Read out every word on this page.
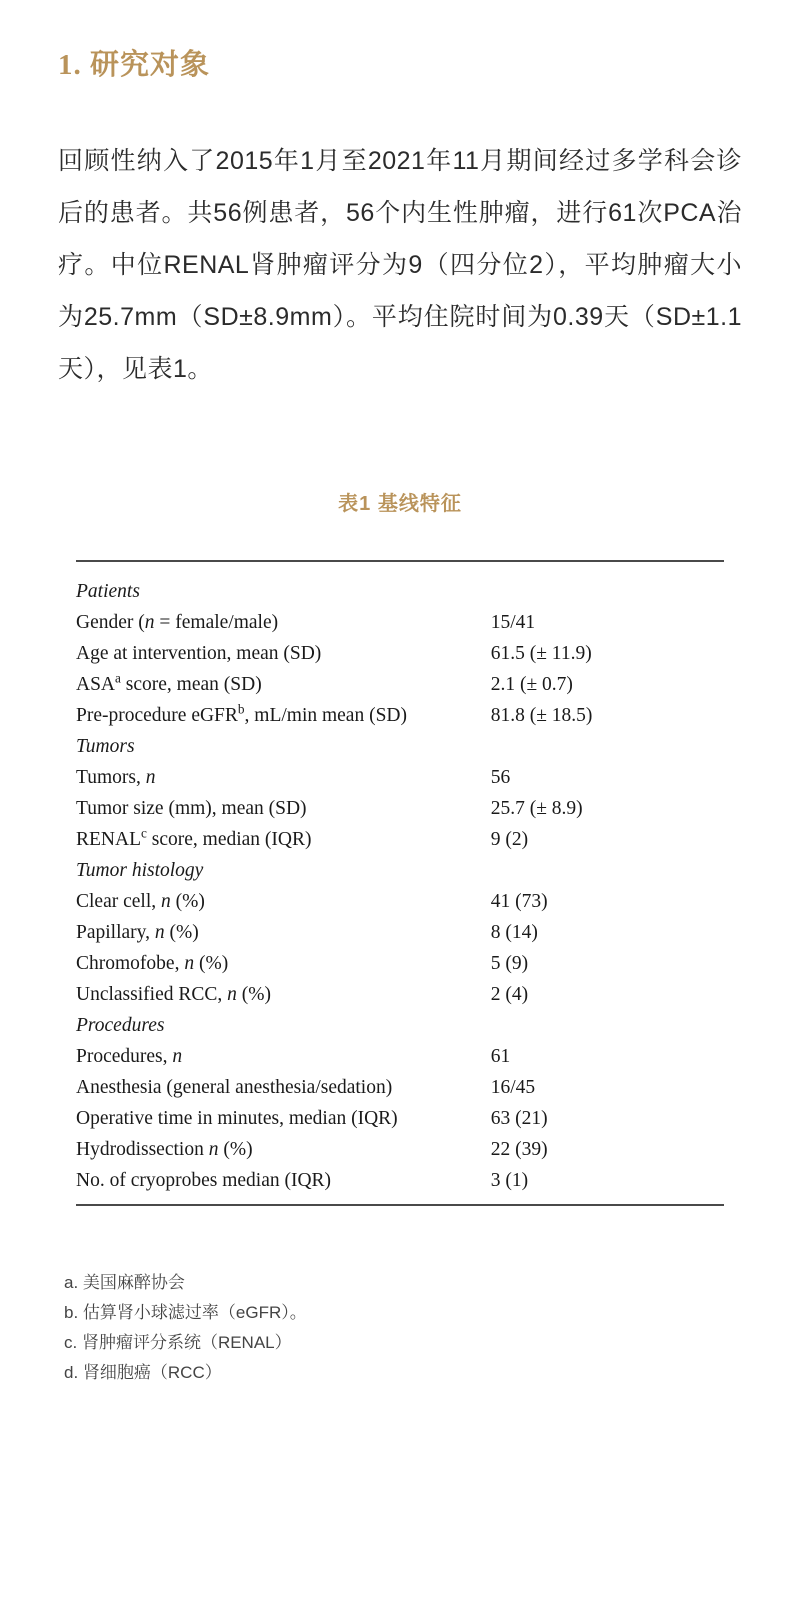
1. 研究对象

回顾性纳入了2015年1月至2021年11月期间经过多学科会诊后的患者。共56例患者，56个内生性肿瘤，进行61次PCA治疗。中位RENAL肾肿瘤评分为9（四分位2），平均肿瘤大小为25.7mm（SD±8.9mm）。平均住院时间为0.39天（SD±1.1天），见表1。

表1 基线特征
Patients	
Gender (n = female/male)	15/41
Age at intervention, mean (SD)	61.5 (± 11.9)
ASA$^a$ score, mean (SD)	2.1 (± 0.7)
Pre-procedure eGFR$^b$, mL/min mean (SD)	81.8 (± 18.5)
Tumors	
Tumors, n	56
Tumor size (mm), mean (SD)	25.7 (± 8.9)
RENAL$^c$ score, median (IQR)	9 (2)
Tumor histology	
Clear cell, n (%)	41 (73)
Papillary, n (%)	8 (14)
Chromofobe, n (%)	5 (9)
Unclassified RCC, n (%)	2 (4)
Procedures	
Procedures, n	61
Anesthesia (general anesthesia/sedation)	16/45
Operative time in minutes, median (IQR)	63 (21)
Hydrodissection n (%)	22 (39)
No. of cryoprobes median (IQR)	3 (1)
a. 美国麻醉协会
b. 估算肾小球滤过率（eGFR）。
c. 肾肿瘤评分系统（RENAL）
d. 肾细胞癌（RCC）
